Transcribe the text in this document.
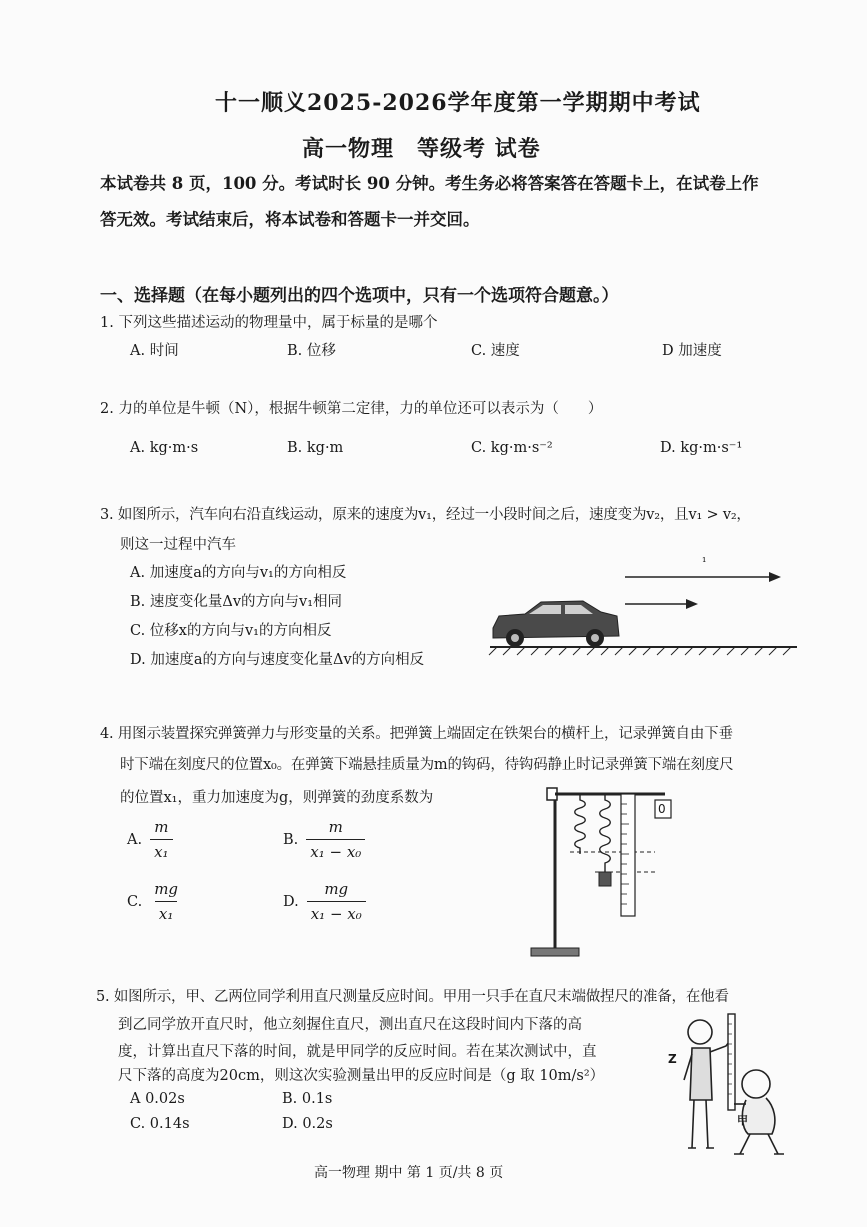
十一顺义2025-2026学年度第一学期期中考试
高一物理　等级考 试卷
本试卷共 8 页，100 分。考试时长 90 分钟。考生务必将答案答在答题卡上，在试卷上作
答无效。考试结束后，将本试卷和答题卡一并交回。
一、选择题（在每小题列出的四个选项中，只有一个选项符合题意。）
1. 下列这些描述运动的物理量中，属于标量的是哪个
A. 时间	B. 位移	C. 速度	D 加速度
2. 力的单位是牛顿（N），根据牛顿第二定律，力的单位还可以表示为（　　）
A. kg·m·s	B. kg·m	C. kg·m·s⁻²	D. kg·m·s⁻¹
3. 如图所示，汽车向右沿直线运动，原来的速度为v₁，经过一小段时间之后，速度变为v₂，且v₁ > v₂，
则这一过程中汽车
A. 加速度a的方向与v₁的方向相反
B. 速度变化量Δv的方向与v₁相同
C. 位移x的方向与v₁的方向相反
D. 加速度a的方向与速度变化量Δv的方向相反
₁
4. 用图示装置探究弹簧弹力与形变量的关系。把弹簧上端固定在铁架台的横杆上，记录弹簧自由下垂
时下端在刻度尺的位置x₀。在弹簧下端悬挂质量为m的钩码，待钩码静止时记录弹簧下端在刻度尺
的位置x₁，重力加速度为g，则弹簧的劲度系数为
A. $\frac{m}{\text{x₁}}$	B. $\frac{m}{\text{x₁ − x₀}}$
C. $\frac{mg}{\text{x₁}}$	D. $\frac{mg}{\text{x₁ − x₀}}$
0
5. 如图所示，甲、乙两位同学利用直尺测量反应时间。甲用一只手在直尺末端做捏尺的准备，在他看
到乙同学放开直尺时，他立刻握住直尺，测出直尺在这段时间内下落的高
度，计算出直尺下落的时间，就是甲同学的反应时间。若在某次测试中，直
尺下落的高度为20cm，则这次实验测量出甲的反应时间是（g 取 10m/s²）
A 0.02s	B. 0.1s
C. 0.14s	D. 0.2s
Z
甲
高一物理 期中 第 1 页/共 8 页
